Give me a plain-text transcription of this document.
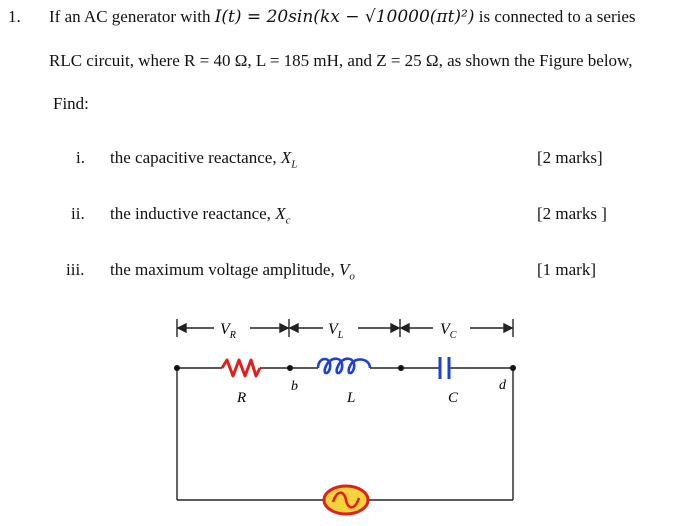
1. If an AC generator with I(t) = 20sin(kx − √10000(πt)²) is connected to a series
RLC circuit, where R = 40 Ω, L = 185 mH, and Z = 25 Ω, as shown the Figure below,
Find:
i. the capacitive reactance, $X_L$	[2 marks]
ii. the inductive reactance, $X_c$	[2 marks ]
iii. the maximum voltage amplitude, $V_o$	[1 mark]
$V_R$	$V_L$	$V_C$
R	L	C
b	d
